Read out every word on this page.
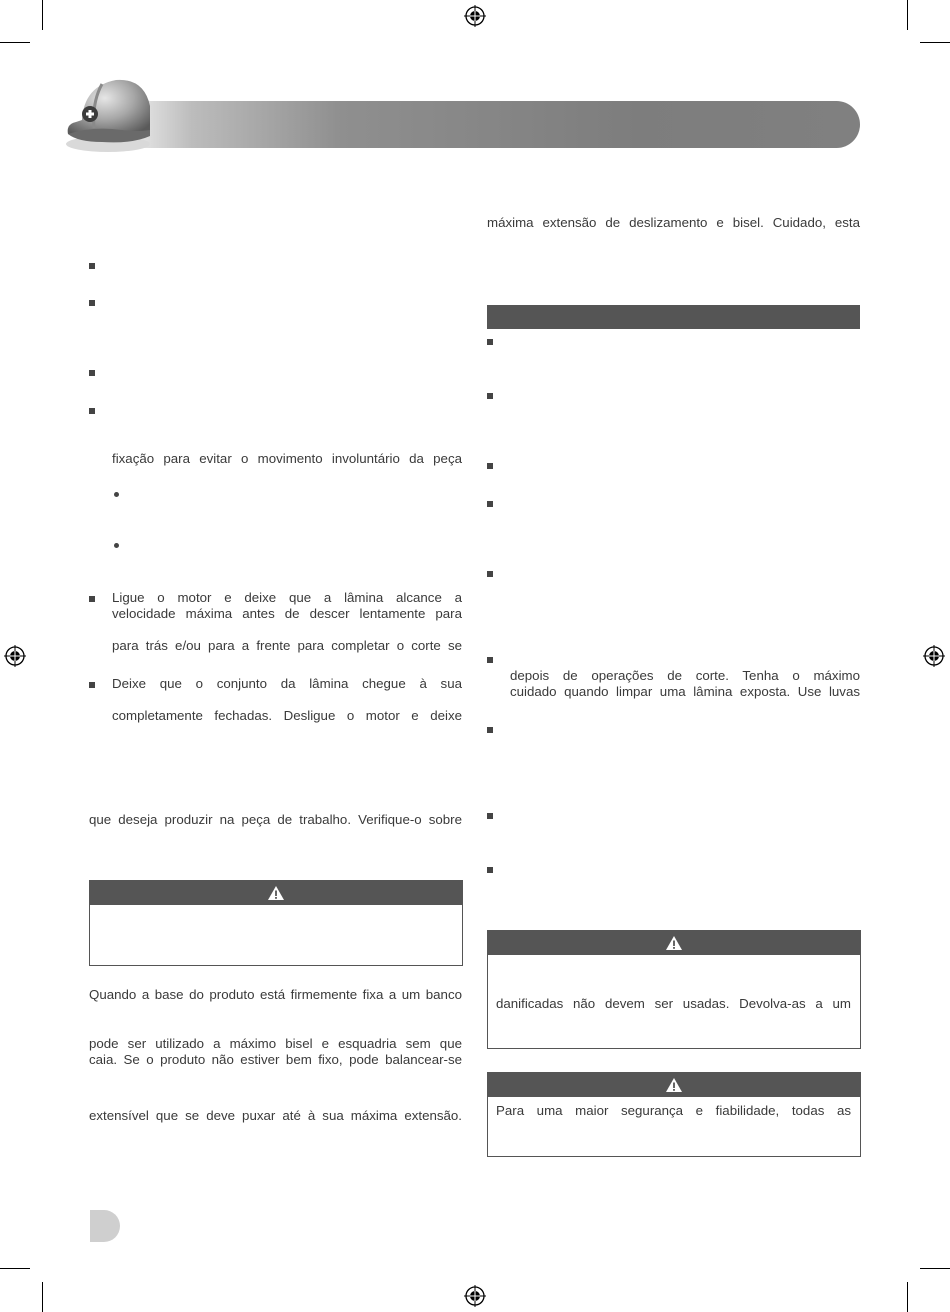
fixação para evitar o movimento involuntário da peça
Ligue o motor e deixe que a lâmina alcance a
velocidade máxima antes de descer lentamente para
para trás e/ou para a frente para completar o corte se
Deixe que o conjunto da lâmina chegue à sua
completamente fechadas. Desligue o motor e deixe
que deseja produzir na peça de trabalho. Verifique-o sobre
Quando a base do produto está firmemente fixa a um banco
pode ser utilizado a máximo bisel e esquadria sem que
caia. Se o produto não estiver bem fixo, pode balancear-se
extensível que se deve puxar até à sua máxima extensão.
máxima extensão de deslizamento e bisel. Cuidado, esta
depois de operações de corte. Tenha o máximo
cuidado quando limpar uma lâmina exposta. Use luvas
danificadas não devem ser usadas. Devolva-as a um
Para uma maior segurança e fiabilidade, todas as
